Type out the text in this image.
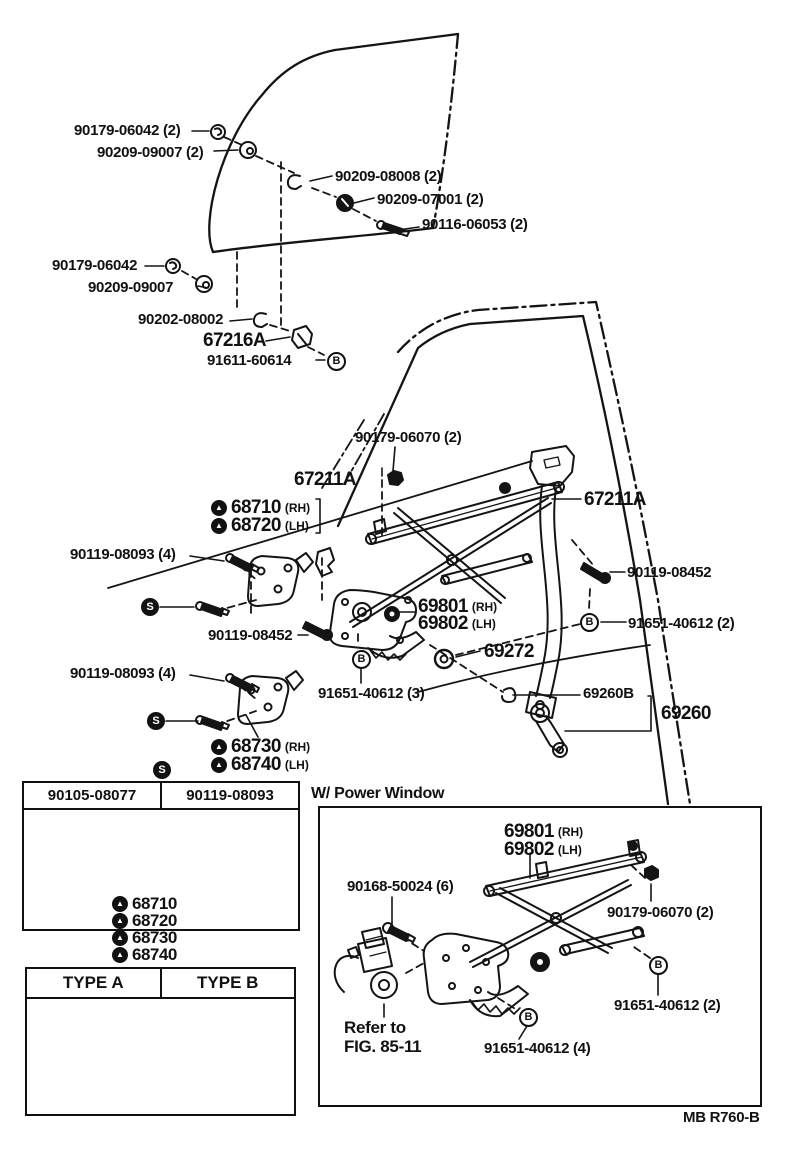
90179-06042 (2)
90209-09007 (2)
90209-08008 (2)
90209-07001 (2)
90116-06053 (2)
90179-06042
90209-09007
90202-08002
67216A
91611-60614	B
90179-06070 (2)
67211A
67211A
▲ 68710 (RH)
▲ 68720 (LH)
90119-08093 (4)
S
90119-08452
69801 (RH)
69802 (LH)	B	91651-40612 (2)
90119-08452
69272
90119-08093 (4)
S
B
91651-40612 (3)	69260B
69260
▲ 68730 (RH)
▲ 68740 (LH)
S
90105-08077	90119-08093
▲ 68710
▲ 68720
▲ 68730
▲ 68740
TYPE A	TYPE B
W/ Power Window
69801 (RH)
69802 (LH)
90168-50024 (6)
90179-06070 (2)
B
91651-40612 (2)
B
91651-40612 (4)
Refer to
FIG. 85-11
MB R760-B
